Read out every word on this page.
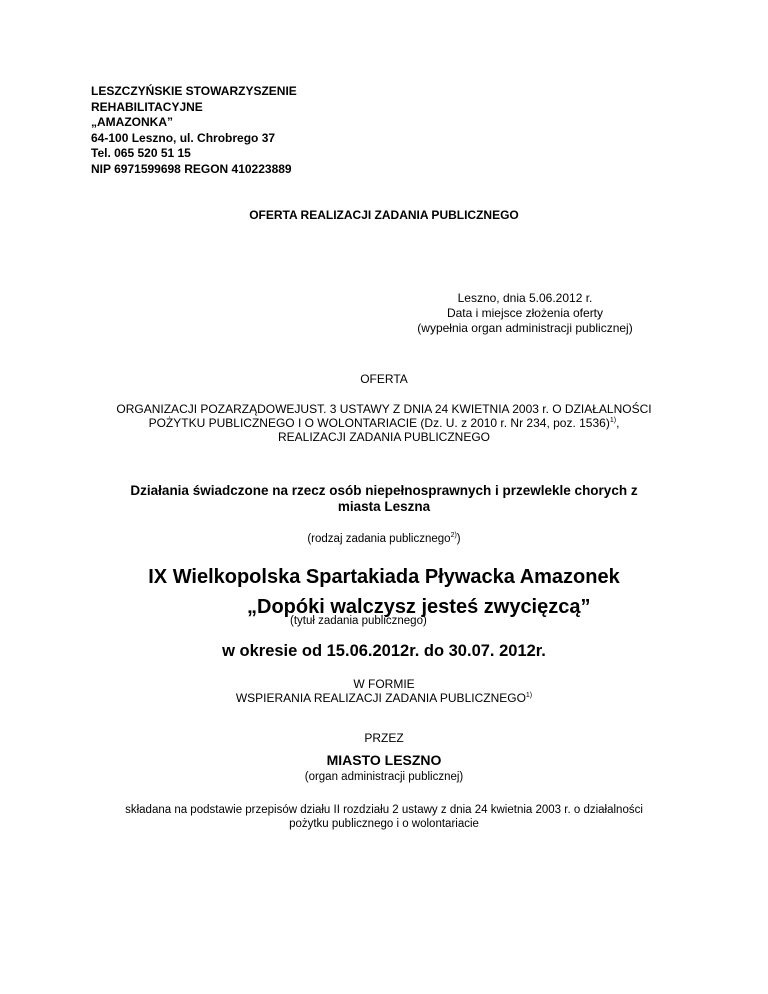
LESZCZYŃSKIE STOWARZYSZENIE
REHABILITACYJNE
„AMAZONKA”
64-100 Leszno, ul. Chrobrego 37
Tel. 065 520 51 15
NIP 6971599698 REGON 410223889
OFERTA REALIZACJI ZADANIA PUBLICZNEGO
Leszno, dnia 5.06.2012 r.
Data i miejsce złożenia oferty
(wypełnia organ administracji publicznej)
OFERTA
ORGANIZACJI POZARZĄDOWEJUST. 3 USTAWY Z DNIA 24 KWIETNIA 2003 r. O DZIAŁALNOŚCI
POŻYTKU PUBLICZNEGO I O WOLONTARIACIE (Dz. U. z 2010 r. Nr 234, poz. 1536)$^{1)}$,
REALIZACJI ZADANIA PUBLICZNEGO
Działania świadczone na rzecz osób niepełnosprawnych i przewlekle chorych z
miasta Leszna
(rodzaj zadania publicznego$^{2)}$)
IX Wielkopolska Spartakiada Pływacka Amazonek
„Dopóki walczysz jesteś zwycięzcą”
(tytuł zadania publicznego)
w okresie od 15.06.2012r. do 30.07. 2012r.
W FORMIE
WSPIERANIA REALIZACJI ZADANIA PUBLICZNEGO$^{1)}$
PRZEZ
MIASTO LESZNO
(organ administracji publicznej)
składana na podstawie przepisów działu II rozdziału 2 ustawy z dnia 24 kwietnia 2003 r. o działalności
pożytku publicznego i o wolontariacie
